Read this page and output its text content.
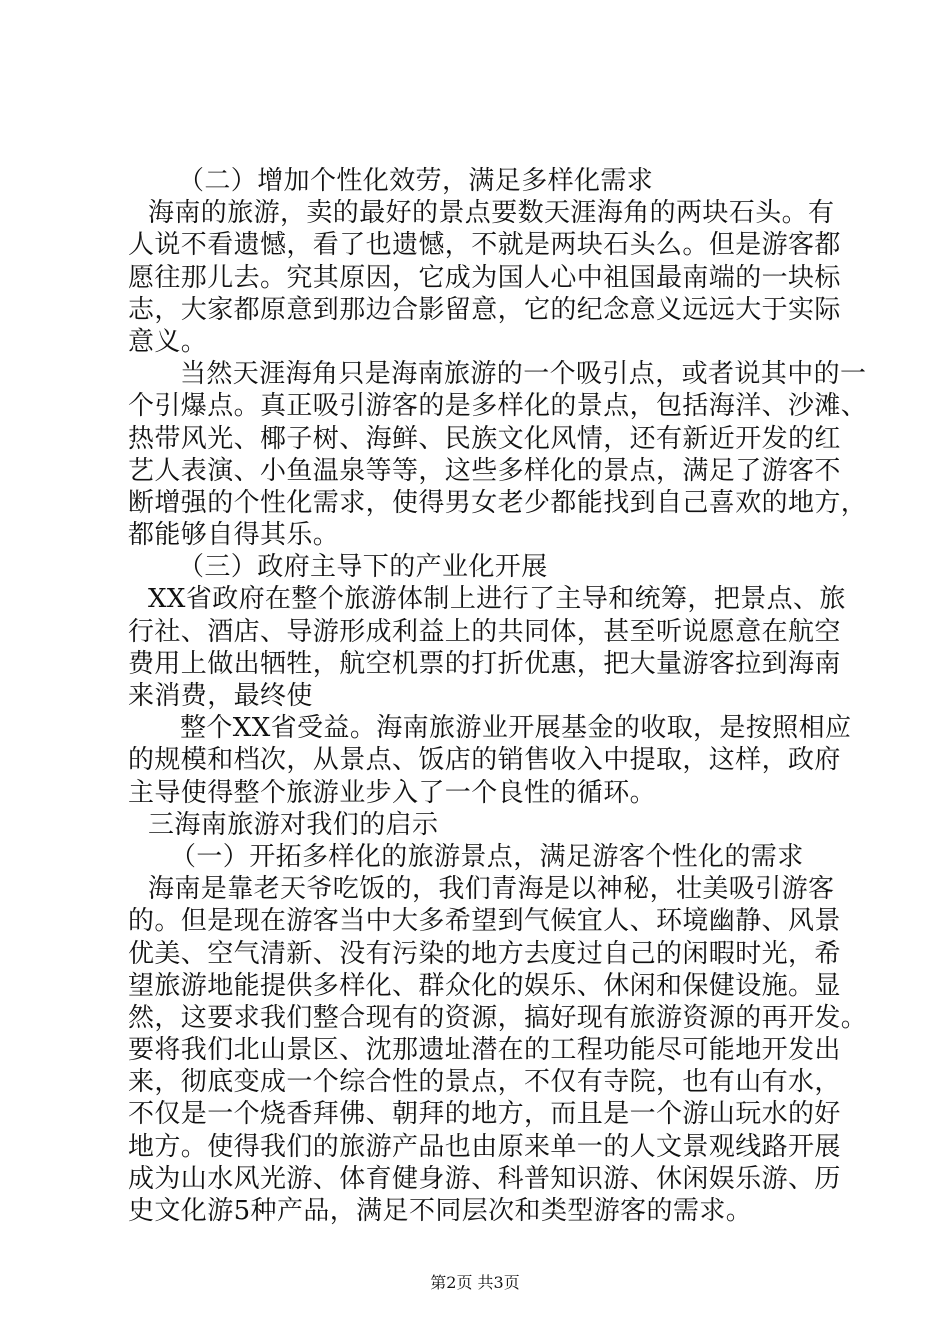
（二）增加个性化效劳，满足多样化需求
海南的旅游，卖的最好的景点要数天涯海角的两块石头。有
人说不看遗憾，看了也遗憾，不就是两块石头么。但是游客都
愿往那儿去。究其原因，它成为国人心中祖国最南端的一块标
志，大家都原意到那边合影留意，它的纪念意义远远大于实际
意义。
当然天涯海角只是海南旅游的一个吸引点，或者说其中的一
个引爆点。真正吸引游客的是多样化的景点，包括海洋、沙滩、
热带风光、椰子树、海鲜、民族文化风情，还有新近开发的红
艺人表演、小鱼温泉等等，这些多样化的景点，满足了游客不
断增强的个性化需求，使得男女老少都能找到自己喜欢的地方，
都能够自得其乐。
（三）政府主导下的产业化开展
XX省政府在整个旅游体制上进行了主导和统筹，把景点、旅
行社、酒店、导游形成利益上的共同体，甚至听说愿意在航空
费用上做出牺牲，航空机票的打折优惠，把大量游客拉到海南
来消费，最终使
整个XX省受益。海南旅游业开展基金的收取，是按照相应
的规模和档次，从景点、饭店的销售收入中提取，这样，政府
主导使得整个旅游业步入了一个良性的循环。
三海南旅游对我们的启示
（一）开拓多样化的旅游景点，满足游客个性化的需求
海南是靠老天爷吃饭的，我们青海是以神秘，壮美吸引游客
的。但是现在游客当中大多希望到气候宜人、环境幽静、风景
优美、空气清新、没有污染的地方去度过自己的闲暇时光，希
望旅游地能提供多样化、群众化的娱乐、休闲和保健设施。显
然，这要求我们整合现有的资源，搞好现有旅游资源的再开发。
要将我们北山景区、沈那遗址潜在的工程功能尽可能地开发出
来，彻底变成一个综合性的景点，不仅有寺院，也有山有水，
不仅是一个烧香拜佛、朝拜的地方，而且是一个游山玩水的好
地方。使得我们的旅游产品也由原来单一的人文景观线路开展
成为山水风光游、体育健身游、科普知识游、休闲娱乐游、历
史文化游5种产品，满足不同层次和类型游客的需求。
第2页 共3页
